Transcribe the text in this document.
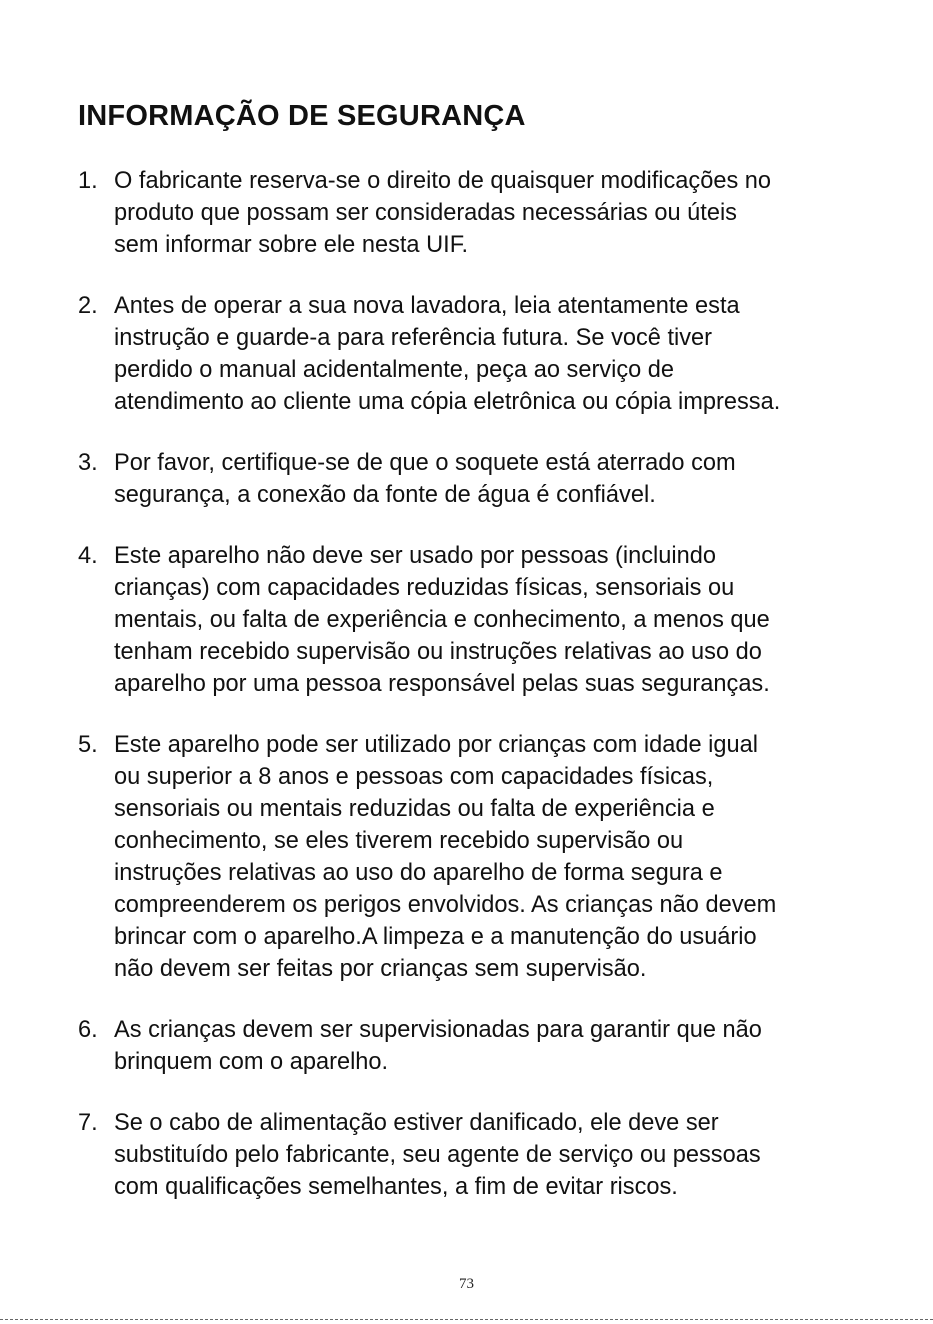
INFORMAÇÃO DE SEGURANÇA
1. O fabricante reserva-se o direito de quaisquer modificações no
produto que possam ser consideradas necessárias ou úteis
sem informar sobre ele nesta UIF.
2. Antes de operar a sua nova lavadora, leia atentamente esta
instrução e guarde-a para referência futura. Se você tiver
perdido o manual acidentalmente, peça ao serviço de
atendimento ao cliente uma cópia eletrônica ou cópia impressa.
3. Por favor, certifique-se de que o soquete está aterrado com
segurança, a conexão da fonte de água é confiável.
4. Este aparelho não deve ser usado por pessoas (incluindo
crianças) com capacidades reduzidas físicas, sensoriais ou
mentais, ou falta de experiência e conhecimento, a menos que
tenham recebido supervisão ou instruções relativas ao uso do
aparelho por uma pessoa responsável pelas suas seguranças.
5. Este aparelho pode ser utilizado por crianças com idade igual
ou superior a 8 anos e pessoas com capacidades físicas,
sensoriais ou mentais reduzidas ou falta de experiência e
conhecimento, se eles tiverem recebido supervisão ou
instruções relativas ao uso do aparelho de forma segura e
compreenderem os perigos envolvidos. As crianças não devem
brincar com o aparelho.A limpeza e a manutenção do usuário
não devem ser feitas por crianças sem supervisão.
6. As crianças devem ser supervisionadas para garantir que não
brinquem com o aparelho.
7. Se o cabo de alimentação estiver danificado, ele deve ser
substituído pelo fabricante, seu agente de serviço ou pessoas
com qualificações semelhantes, a fim de evitar riscos.
73
